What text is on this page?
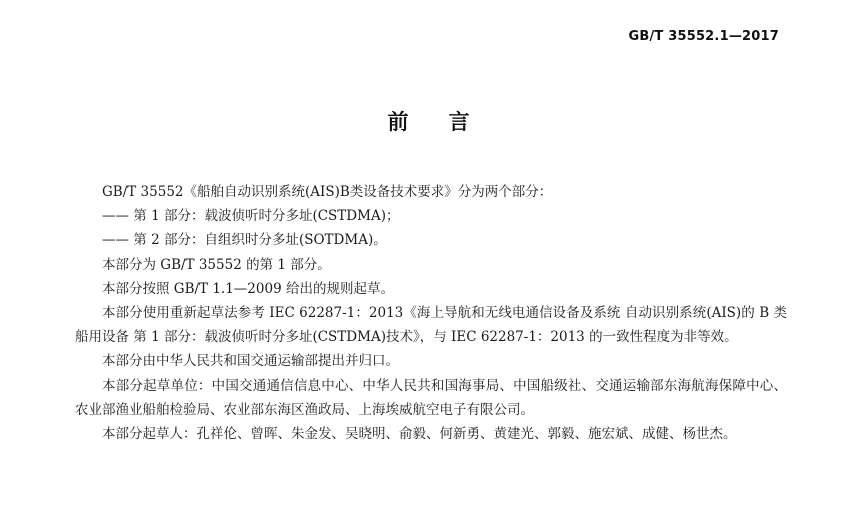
GB/T 35552.1—2017
前言

GB/T 35552《船舶自动识别系统(AIS)B类设备技术要求》分为两个部分：

—— 第 1 部分：载波侦听时分多址(CSTDMA)；

—— 第 2 部分：自组织时分多址(SOTDMA)。

本部分为 GB/T 35552 的第 1 部分。

本部分按照 GB/T 1.1—2009 给出的规则起草。

本部分使用重新起草法参考 IEC 62287-1：2013《海上导航和无线电通信设备及系统 自动识别系统(AIS)的 B 类船用设备 第 1 部分：载波侦听时分多址(CSTDMA)技术》，与 IEC 62287-1：2013 的一致性程度为非等效。

本部分由中华人民共和国交通运输部提出并归口。

本部分起草单位：中国交通通信信息中心、中华人民共和国海事局、中国船级社、交通运输部东海航海保障中心、农业部渔业船舶检验局、农业部东海区渔政局、上海埃威航空电子有限公司。

本部分起草人：孔祥伦、曾晖、朱金发、吴晓明、俞毅、何新勇、黄建光、郭毅、施宏斌、成健、杨世杰。
